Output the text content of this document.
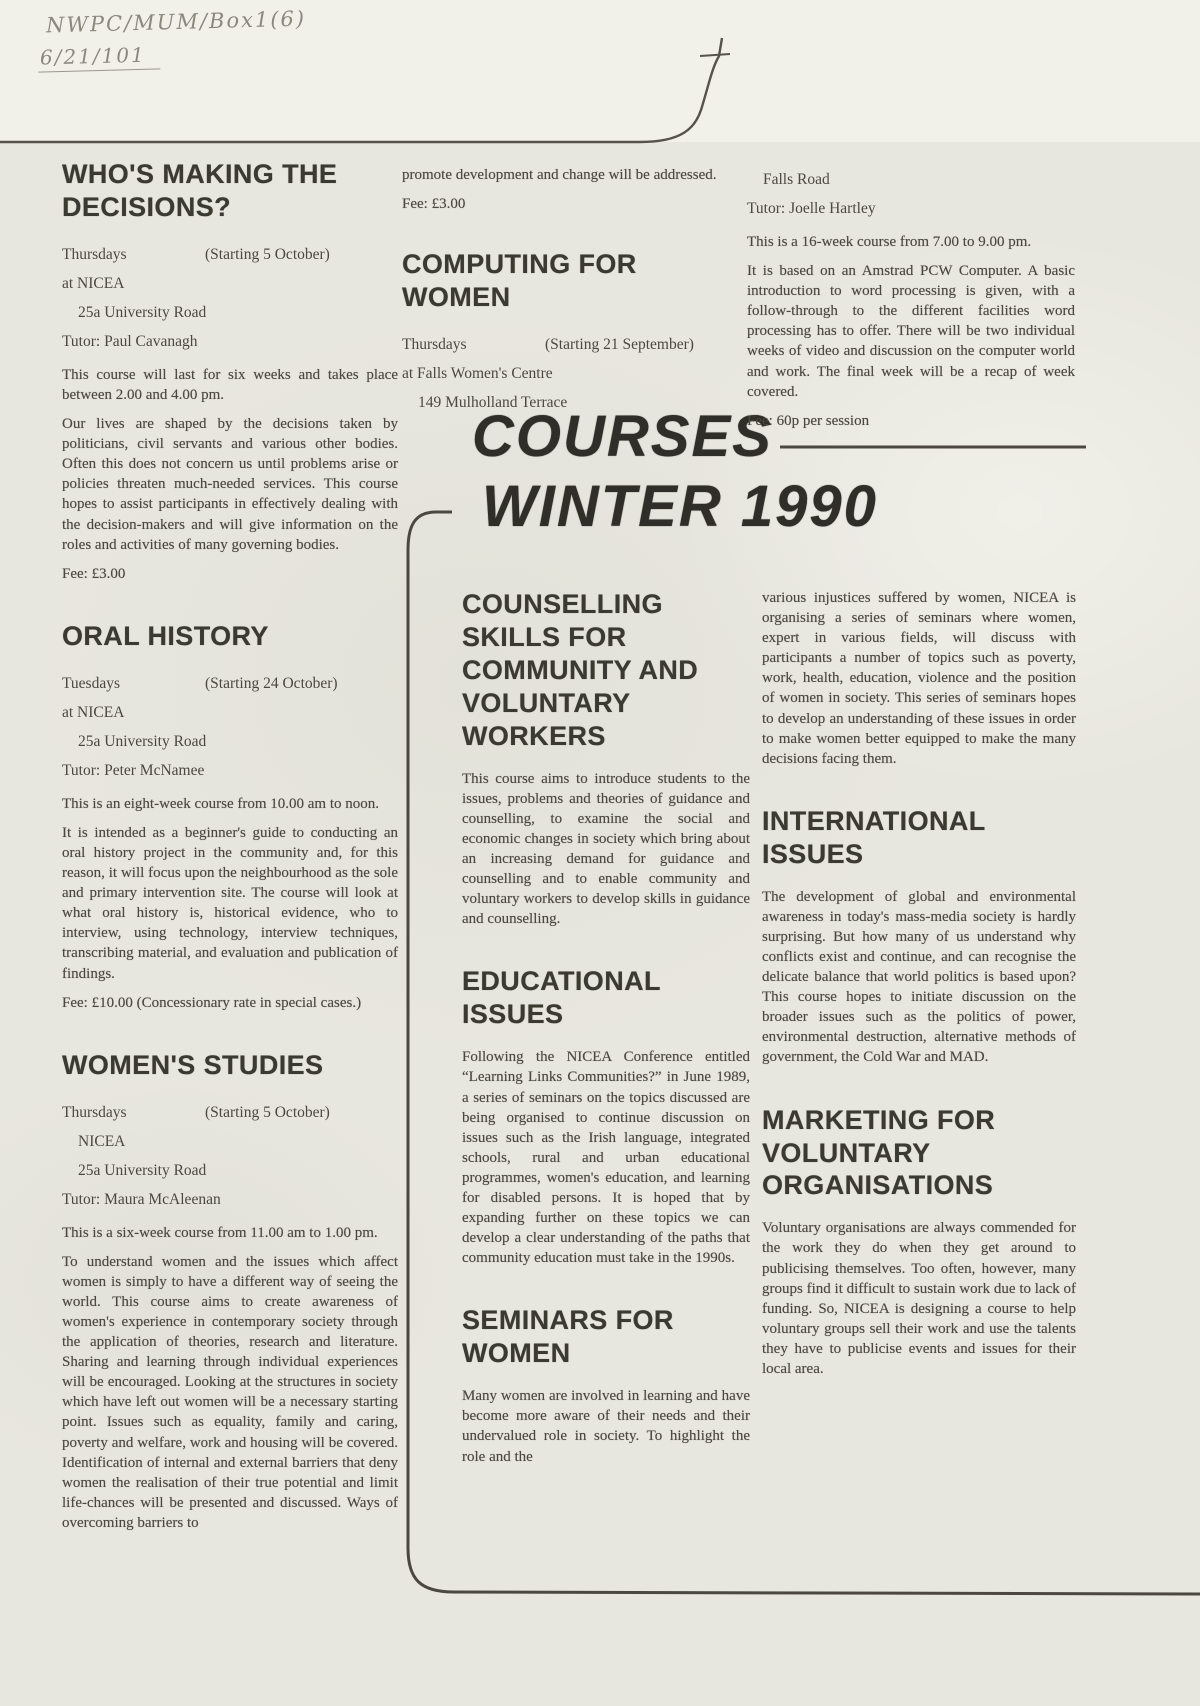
NWPC/MUM/Box1(6)
6/21/101
COURSES
WINTER 1990
WHO'S MAKING THE DECISIONS?
Thursdays	(Starting 5 October)
at NICEA
25a University Road
Tutor: Paul Cavanagh

This course will last for six weeks and takes place between 2.00 and 4.00 pm.

Our lives are shaped by the decisions taken by politicians, civil servants and various other bodies. Often this does not concern us until problems arise or policies threaten much-needed services. This course hopes to assist participants in effectively dealing with the decision-makers and will give information on the roles and activities of many governing bodies.

Fee: £3.00

ORAL HISTORY
Tuesdays	(Starting 24 October)
at NICEA
25a University Road
Tutor: Peter McNamee

This is an eight-week course from 10.00 am to noon.

It is intended as a beginner's guide to conducting an oral history project in the community and, for this reason, it will focus upon the neighbourhood as the sole and primary intervention site. The course will look at what oral history is, historical evidence, who to interview, using technology, interview techniques, transcribing material, and evaluation and publication of findings.

Fee: £10.00 (Concessionary rate in special cases.)

WOMEN'S STUDIES
Thursdays	(Starting 5 October)
NICEA
25a University Road
Tutor: Maura McAleenan

This is a six-week course from 11.00 am to 1.00 pm.

To understand women and the issues which affect women is simply to have a different way of seeing the world. This course aims to create awareness of women's experience in contemporary society through the application of theories, research and literature. Sharing and learning through individual experiences will be encouraged. Looking at the structures in society which have left out women will be a necessary starting point. Issues such as equality, family and caring, poverty and welfare, work and housing will be covered. Identification of internal and external barriers that deny women the realisation of their true potential and limit life-chances will be presented and discussed. Ways of overcoming barriers to

promote development and change will be addressed.

Fee: £3.00

COMPUTING FOR WOMEN
Thursdays	(Starting 21 September)
at Falls Women's Centre
149 Mulholland Terrace
Falls Road
Tutor: Joelle Hartley

This is a 16-week course from 7.00 to 9.00 pm.

It is based on an Amstrad PCW Computer. A basic introduction to word processing is given, with a follow-through to the different facilities word processing has to offer. There will be two individual weeks of video and discussion on the computer world and work. The final week will be a recap of week covered.

Fee: 60p per session

COUNSELLING SKILLS FOR COMMUNITY AND VOLUNTARY WORKERS

This course aims to introduce students to the issues, problems and theories of guidance and counselling, to examine the social and economic changes in society which bring about an increasing demand for guidance and counselling and to enable community and voluntary workers to develop skills in guidance and counselling.

EDUCATIONAL ISSUES

Following the NICEA Conference entitled “Learning Links Communities?” in June 1989, a series of seminars on the topics discussed are being organised to continue discussion on issues such as the Irish language, integrated schools, rural and urban educational programmes, women's education, and learning for disabled persons. It is hoped that by expanding further on these topics we can develop a clear understanding of the paths that community education must take in the 1990s.

SEMINARS FOR WOMEN

Many women are involved in learning and have become more aware of their needs and their undervalued role in society. To highlight the role and the

various injustices suffered by women, NICEA is organising a series of seminars where women, expert in various fields, will discuss with participants a number of topics such as poverty, work, health, education, violence and the position of women in society. This series of seminars hopes to develop an understanding of these issues in order to make women better equipped to make the many decisions facing them.

INTERNATIONAL ISSUES

The development of global and environmental awareness in today's mass-media society is hardly surprising. But how many of us understand why conflicts exist and continue, and can recognise the delicate balance that world politics is based upon? This course hopes to initiate discussion on the broader issues such as the politics of power, environmental destruction, alternative methods of government, the Cold War and MAD.

MARKETING FOR VOLUNTARY ORGANISATIONS

Voluntary organisations are always commended for the work they do when they get around to publicising themselves. Too often, however, many groups find it difficult to sustain work due to lack of funding. So, NICEA is designing a course to help voluntary groups sell their work and use the talents they have to publicise events and issues for their local area.
